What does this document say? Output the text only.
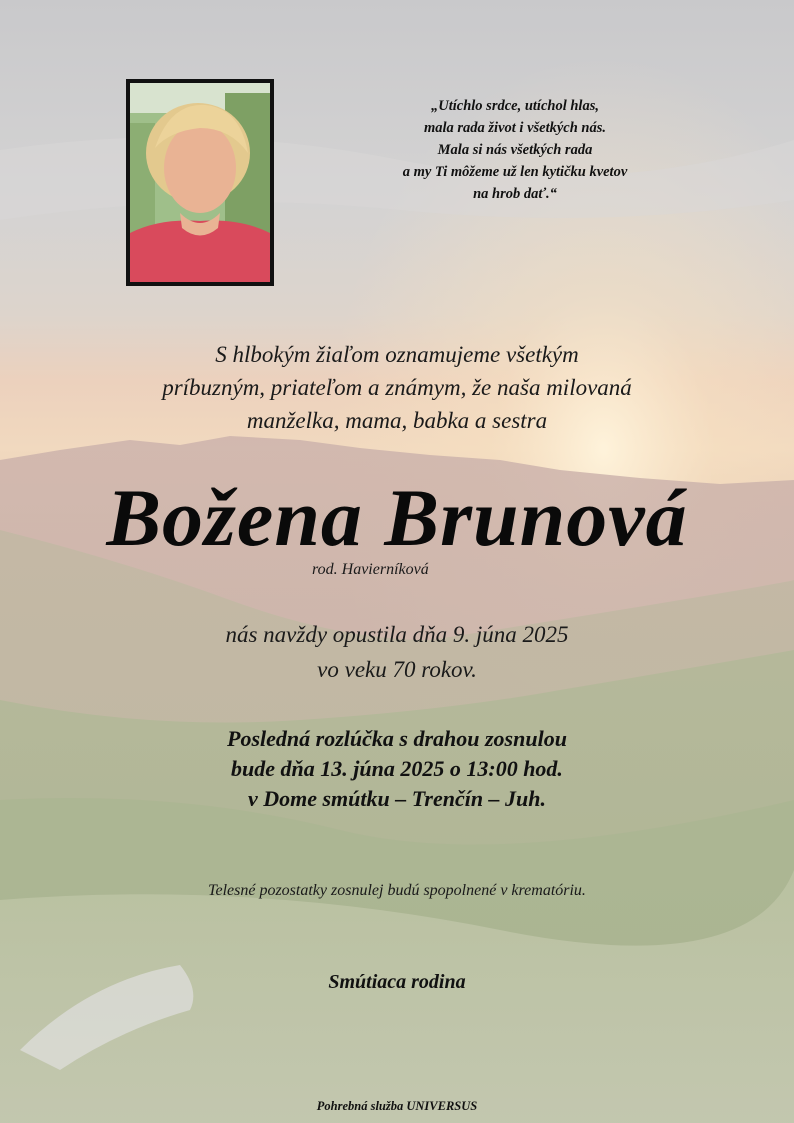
„Utíchlo srdce, utíchol hlas,
mala rada život i všetkých nás.
Mala si nás všetkých rada
a my Ti môžeme už len kytičku kvetov
na hrob dať.“
S hlbokým žiaľom oznamujeme všetkým
príbuzným, priateľom a známym, že naša milovaná
manželka, mama, babka a sestra
Božena Brunová
rod. Havierníková
nás navždy opustila dňa 9. júna 2025
vo veku 70 rokov.
Posledná rozlúčka s drahou zosnulou
bude dňa 13. júna 2025 o 13:00 hod.
v Dome smútku – Trenčín – Juh.
Telesné pozostatky zosnulej budú spopolnené v krematóriu.
Smútiaca rodina
Pohrebná služba UNIVERSUS
